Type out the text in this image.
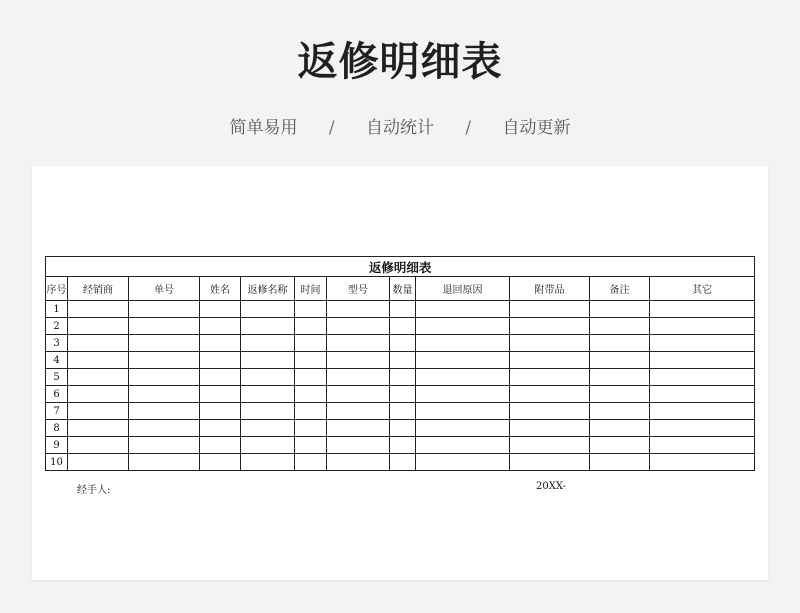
返修明细表
简单易用 / 自动统计 / 自动更新
返修明细表											
序号	经销商	单号	姓名	返修名称	时间	型号	数量	退回原因	附带品	备注	其它
1											
2											
3											
4											
5											
6											
7											
8											
9											
10											
经手人:	20XX-
